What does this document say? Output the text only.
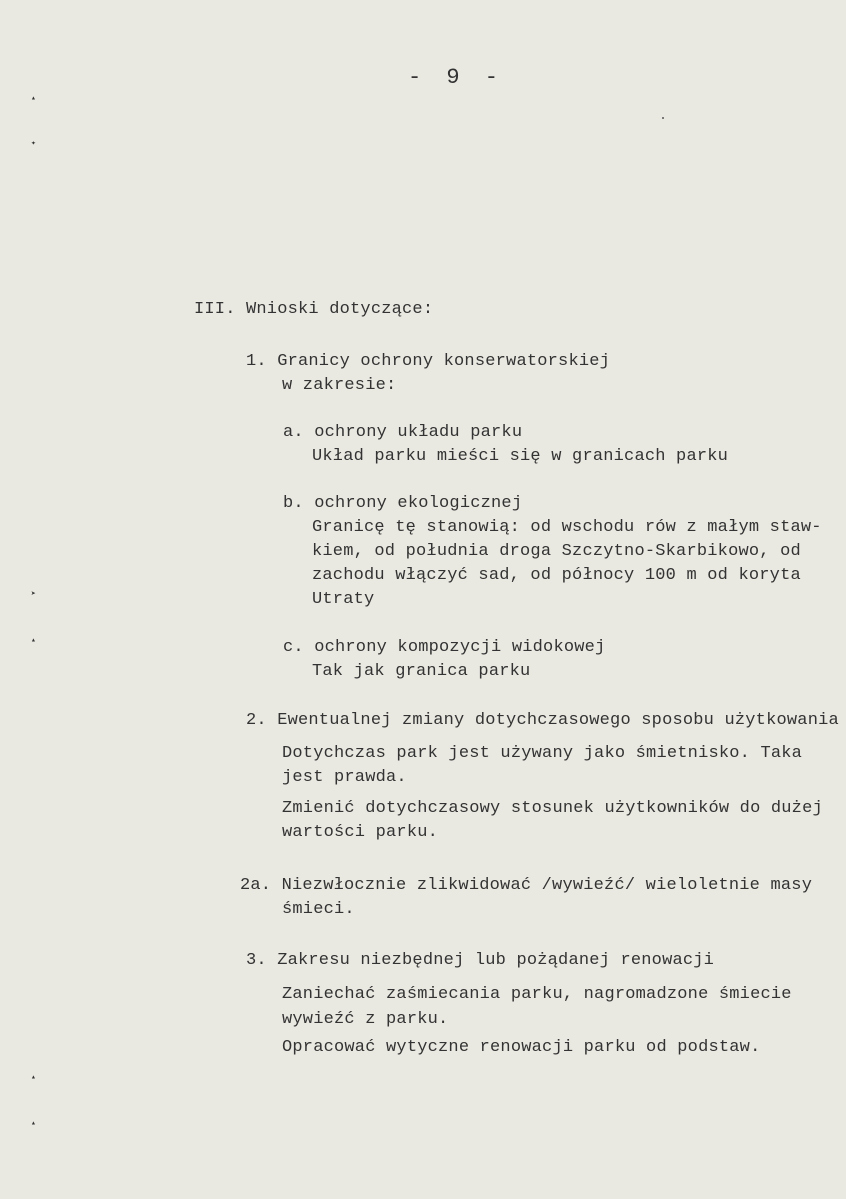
▴
✦
➤
▴
▴
▴
- 9 -
III. Wnioski dotyczące:
1. Granicy ochrony konserwatorskiej
w zakresie:
a. ochrony układu parku
Układ parku mieści się w granicach parku
b. ochrony ekologicznej
Granicę tę stanowią: od wschodu rów z małym staw-
kiem, od południa droga Szczytno-Skarbikowo, od
zachodu włączyć sad, od północy 100 m od koryta
Utraty
c. ochrony kompozycji widokowej
Tak jak granica parku
2. Ewentualnej zmiany dotychczasowego sposobu użytkowania
Dotychczas park jest używany jako śmietnisko. Taka
jest prawda.
Zmienić dotychczasowy stosunek użytkowników do dużej
wartości parku.
2a. Niezwłocznie zlikwidować /wywieźć/ wieloletnie masy
śmieci.
3. Zakresu niezbędnej lub pożądanej renowacji
Zaniechać zaśmiecania parku, nagromadzone śmiecie
wywieźć z parku.
Opracować wytyczne renowacji parku od podstaw.
